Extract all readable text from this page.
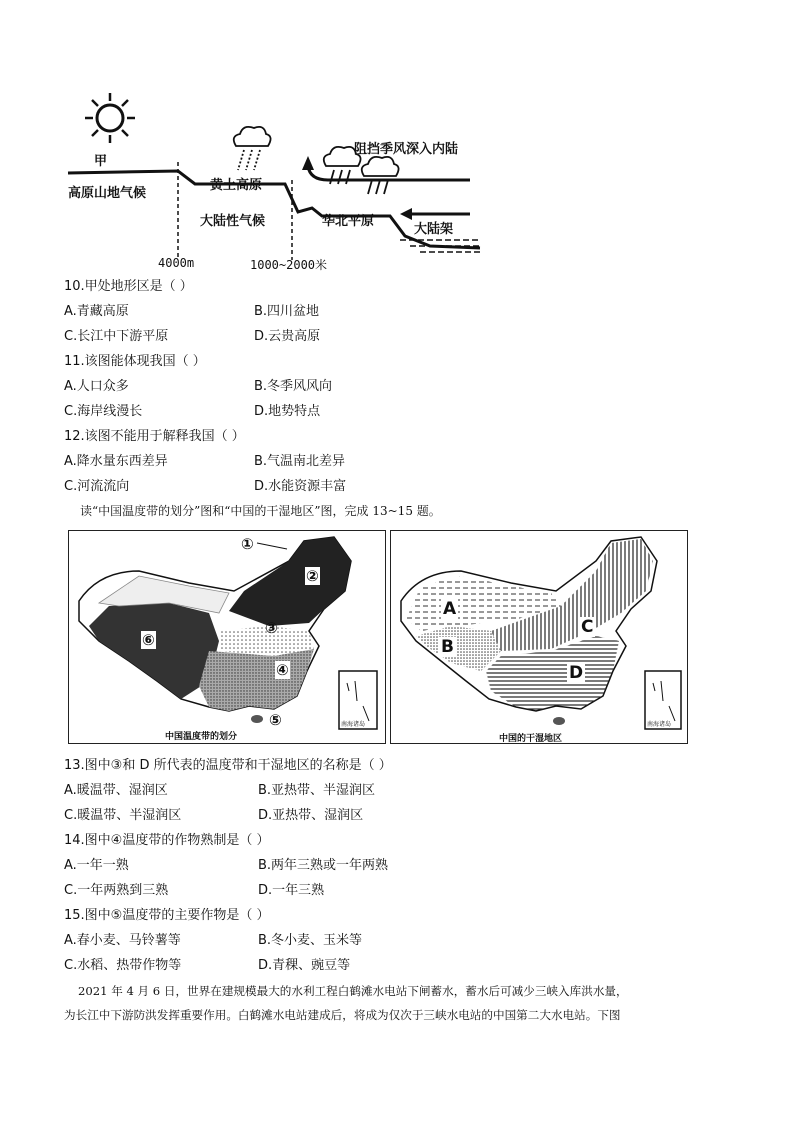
甲
高原山地气候
黄土高原
大陆性气候	华北平原
阻挡季风深入内陆
大陆架
4000m	1000~2000米
10.甲处地形区是（ ）
A.青藏高原	B.四川盆地
C.长江中下游平原	D.云贵高原
11.该图能体现我国（ ）
A.人口众多	B.冬季风风向
C.海岸线漫长	D.地势特点
12.该图不能用于解释我国（ ）
A.降水量东西差异	B.气温南北差异
C.河流流向	D.水能资源丰富
读“中国温度带的划分”图和“中国的干湿地区”图，完成 13~15 题。
①
②
③
④
⑤
⑥
中国温度带的划分
南海诸岛
A
B
C
D
中国的干湿地区
南海诸岛
13.图中③和 D 所代表的温度带和干湿地区的名称是（ ）
A.暖温带、湿润区	B.亚热带、半湿润区
C.暖温带、半湿润区	D.亚热带、湿润区
14.图中④温度带的作物熟制是（ ）
A.一年一熟	B.两年三熟或一年两熟
C.一年两熟到三熟	D.一年三熟
15.图中⑤温度带的主要作物是（ ）
A.春小麦、马铃薯等	B.冬小麦、玉米等
C.水稻、热带作物等	D.青稞、豌豆等
2021 年 4 月 6 日，世界在建规模最大的水利工程白鹤滩水电站下闸蓄水，蓄水后可减少三峡入库洪水量，
为长江中下游防洪发挥重要作用。白鹤滩水电站建成后，将成为仅次于三峡水电站的中国第二大水电站。下图
